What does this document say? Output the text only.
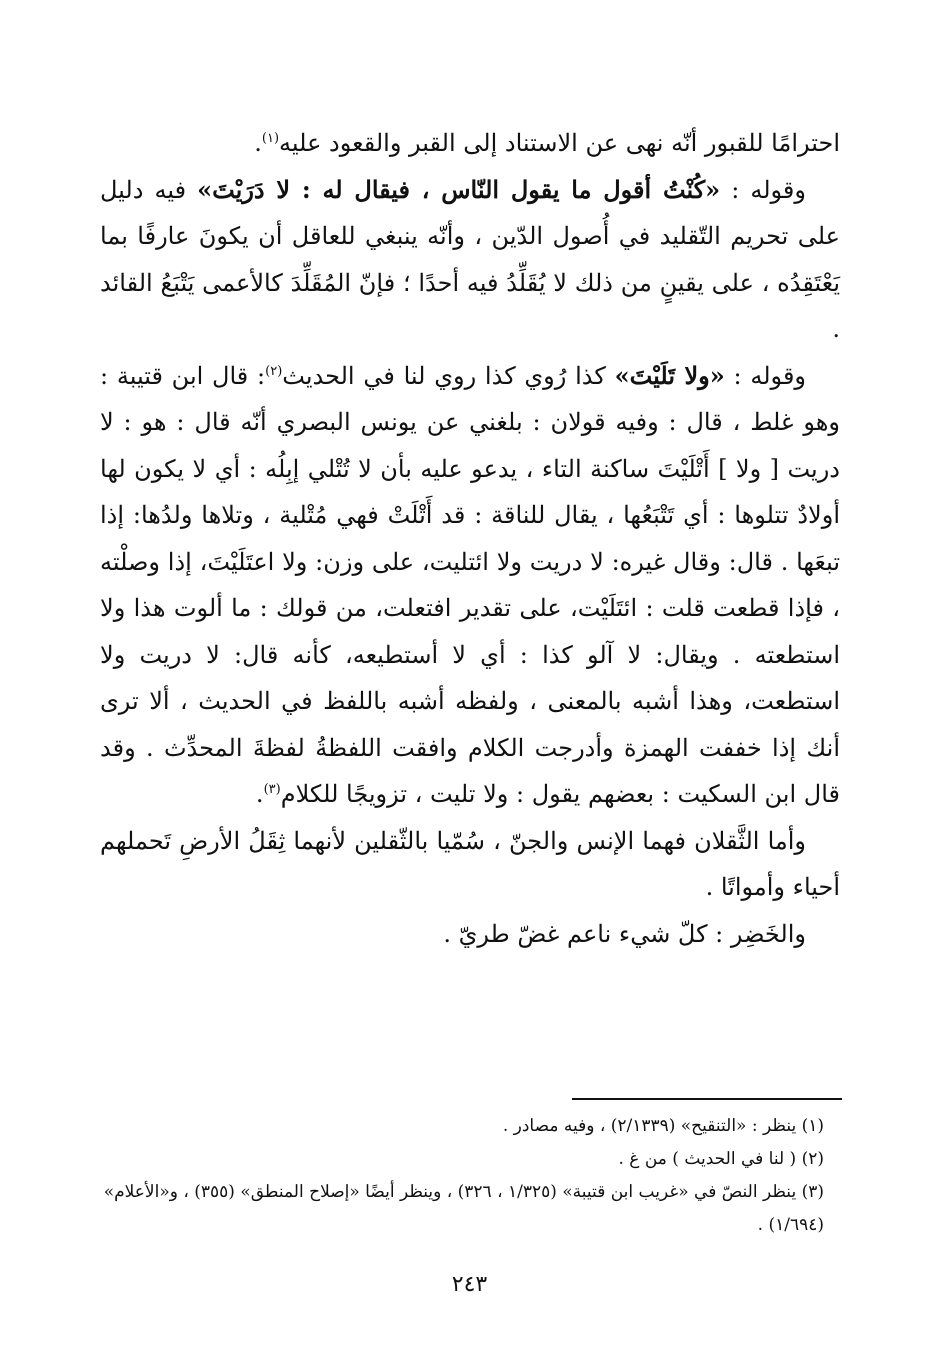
احترامًا للقبور أنّه نهى عن الاستناد إلى القبر والقعود عليه$^{(١)}$.

وقوله : «كُنْتُ أقول ما يقول النّاس ، فيقال له : لا دَرَيْتَ» فيه دليل على تحريم التّقليد في أُصول الدّين ، وأنّه ينبغي للعاقل أن يكونَ عارفًا بما يَعْتَقِدُه ، على يقينٍ من ذلك لا يُقَلِّدُ فيه أحدًا ؛ فإنّ المُقَلِّدَ كالأعمى يَتْبَعُ القائد .

وقوله : «ولا تَلَيْتَ» كذا رُوي كذا روي لنا في الحديث$^{(٢)}$: قال ابن قتيبة : وهو غلط ، قال : وفيه قولان : بلغني عن يونس البصري أنّه قال : هو : لا دريت [ ولا ] أَتْلَيْتَ ساكنة التاء ، يدعو عليه بأن لا تُتْلي إبِلُه : أي لا يكون لها أولادٌ تتلوها : أي تَتْبَعُها ، يقال للناقة : قد أَتْلَتْ فهي مُتْلية ، وتلاها ولدُها: إذا تبعَها . قال: وقال غيره: لا دريت ولا ائتليت، على وزن: ولا اعتَلَيْتَ، إذا وصلْته ، فإذا قطعت قلت : ائتَلَيْت، على تقدير افتعلت، من قولك : ما ألوت هذا ولا استطعته . ويقال: لا آلو كذا : أي لا أستطيعه، كأنه قال: لا دريت ولا استطعت، وهذا أشبه بالمعنى ، ولفظه أشبه باللفظ في الحديث ، ألا ترى أنك إذا خففت الهمزة وأدرجت الكلام وافقت اللفظةُ لفظةَ المحدِّث . وقد قال ابن السكيت : بعضهم يقول : ولا تليت ، تزويجًا للكلام$^{(٣)}$.

وأما الثَّقلان فهما الإنس والجنّ ، سُمّيا بالثّقلين لأنهما ثِقَلُ الأرضِ تَحملهم أحياء وأمواتًا .

والخَضِر : كلّ شيء ناعم غضّ طريّ .

(١) ينظر : «التنقيح» (٢/١٣٣٩) ، وفيه مصادر .

(٢) ( لنا في الحديث ) من غ .

(٣) ينظر النصّ في «غريب ابن قتيبة» (١/٣٢٥ ، ٣٢٦) ، وينظر أيضًا «إصلاح المنطق» (٣٥٥) ، و«الأعلام» (١/٦٩٤) .

٢٤٣
